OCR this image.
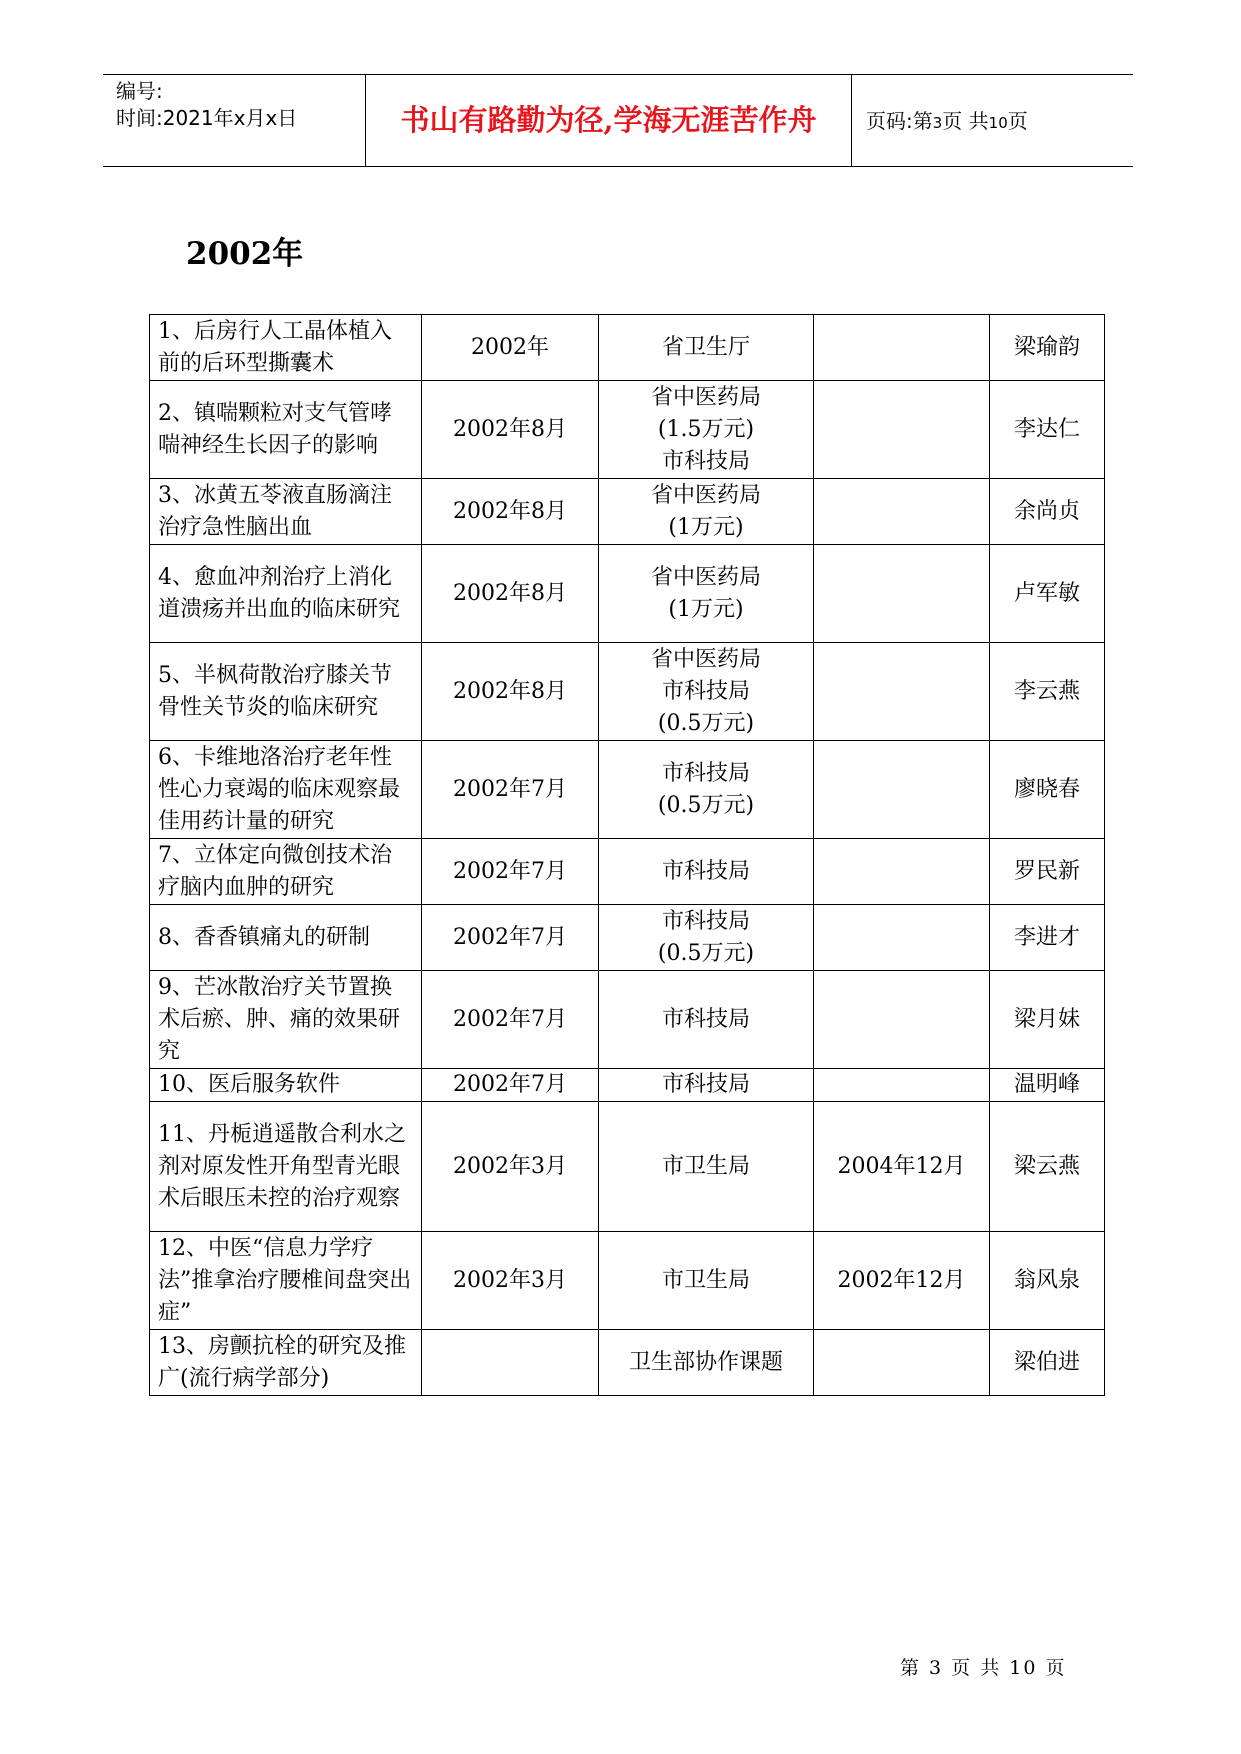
编号:
时间:2021年x月x日	书山有路勤为径,学海无涯苦作舟	页码:第3页 共10页
2002年
1、后房行人工晶体植入前的后环型撕囊术	2002年	省卫生厅		梁瑜韵
2、镇喘颗粒对支气管哮喘神经生长因子的影响	2002年8月	省中医药局
(1.5万元)
市科技局		李达仁
3、冰黄五苓液直肠滴注治疗急性脑出血	2002年8月	省中医药局
(1万元)		余尚贞
4、愈血冲剂治疗上消化道溃疡并出血的临床研究	2002年8月	省中医药局
(1万元)		卢军敏
5、半枫荷散治疗膝关节骨性关节炎的临床研究	2002年8月	省中医药局
市科技局
(0.5万元)		李云燕
6、卡维地洛治疗老年性性心力衰竭的临床观察最佳用药计量的研究	2002年7月	市科技局
(0.5万元)		廖晓春
7、立体定向微创技术治疗脑内血肿的研究	2002年7月	市科技局		罗民新
8、香香镇痛丸的研制	2002年7月	市科技局
(0.5万元)		李进才
9、芒冰散治疗关节置换术后瘀、肿、痛的效果研究	2002年7月	市科技局		梁月妹
10、医后服务软件	2002年7月	市科技局		温明峰
11、丹栀逍遥散合利水之剂对原发性开角型青光眼术后眼压未控的治疗观察	2002年3月	市卫生局	2004年12月	梁云燕
12、中医“信息力学疗法”推拿治疗腰椎间盘突出症”	2002年3月	市卫生局	2002年12月	翁风泉
13、房颤抗栓的研究及推广(流行病学部分)		卫生部协作课题		梁伯进
第 3 页 共 10 页
